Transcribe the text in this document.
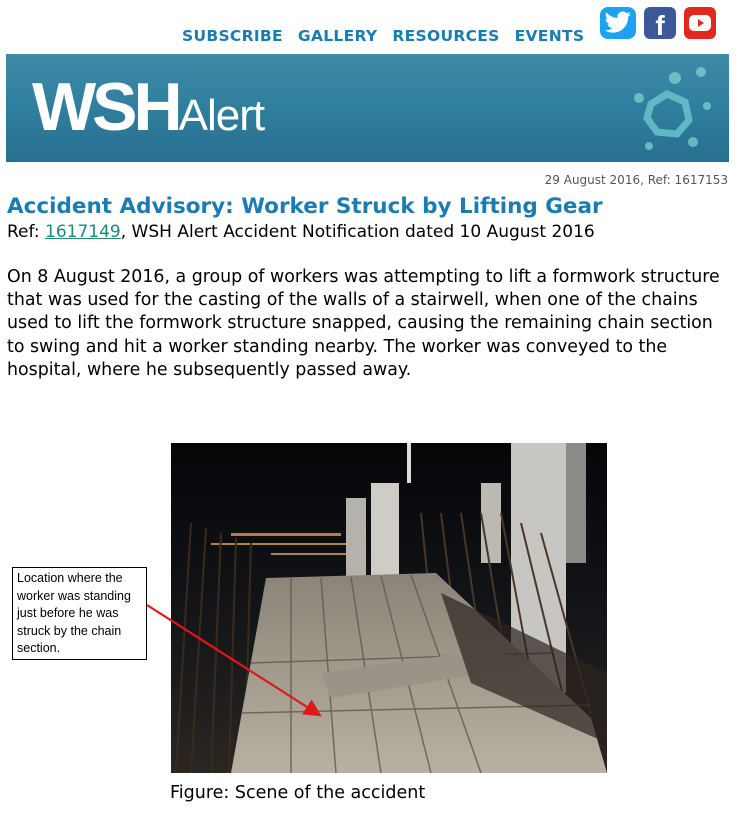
SUBSCRIBE GALLERY RESOURCES EVENTS	f
WSHAlert
29 August 2016, Ref: 1617153
Accident Advisory: Worker Struck by Lifting Gear
Ref: 1617149, WSH Alert Accident Notification dated 10 August 2016
On 8 August 2016, a group of workers was attempting to lift a formwork structure that was used for the casting of the walls of a stairwell, when one of the chains used to lift the formwork structure snapped, causing the remaining chain section to swing and hit a worker standing nearby. The worker was conveyed to the hospital, where he subsequently passed away.
Location where the worker was standing just before he was struck by the chain section.
Figure: Scene of the accident
